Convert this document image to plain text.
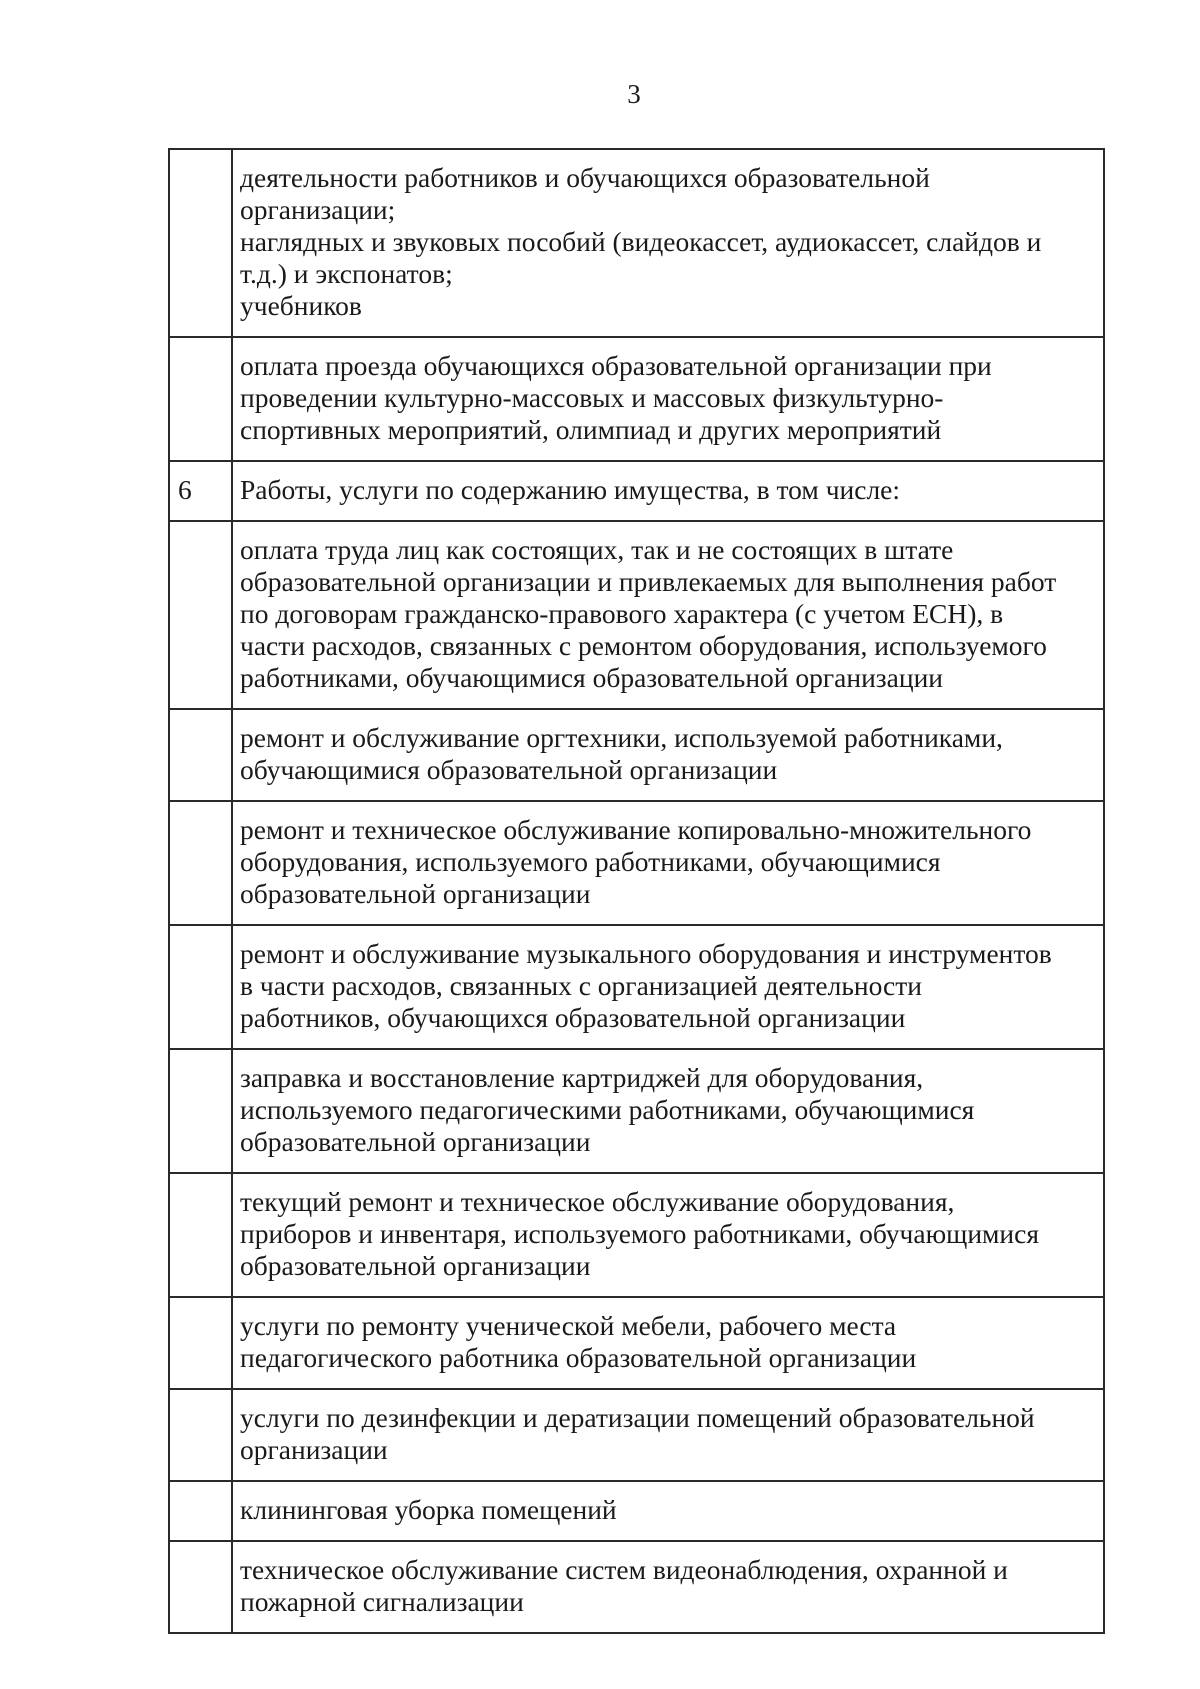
3

	деятельности работников и обучающихся образовательной
организации;
наглядных и звуковых пособий (видеокассет, аудиокассет, слайдов и
т.д.) и экспонатов;
учебников

	оплата проезда обучающихся образовательной организации при
проведении культурно-массовых и массовых физкультурно-
спортивных мероприятий, олимпиад и других мероприятий

6	Работы, услуги по содержанию имущества, в том числе:

	оплата труда лиц как состоящих, так и не состоящих в штате
образовательной организации и привлекаемых для выполнения работ
по договорам гражданско-правового характера (с учетом ЕСН), в
части расходов, связанных с ремонтом оборудования, используемого
работниками, обучающимися образовательной организации

	ремонт и обслуживание оргтехники, используемой работниками,
обучающимися образовательной организации

	ремонт и техническое обслуживание копировально-множительного
оборудования, используемого работниками, обучающимися
образовательной организации

	ремонт и обслуживание музыкального оборудования и инструментов
в части расходов, связанных с организацией деятельности
работников, обучающихся образовательной организации

	заправка и восстановление картриджей для оборудования,
используемого педагогическими работниками, обучающимися
образовательной организации

	текущий ремонт и техническое обслуживание оборудования,
приборов и инвентаря, используемого работниками, обучающимися
образовательной организации

	услуги по ремонту ученической мебели, рабочего места
педагогического работника образовательной организации

	услуги по дезинфекции и дератизации помещений образовательной
организации

	клининговая уборка помещений

	техническое обслуживание систем видеонаблюдения, охранной и
пожарной сигнализации
